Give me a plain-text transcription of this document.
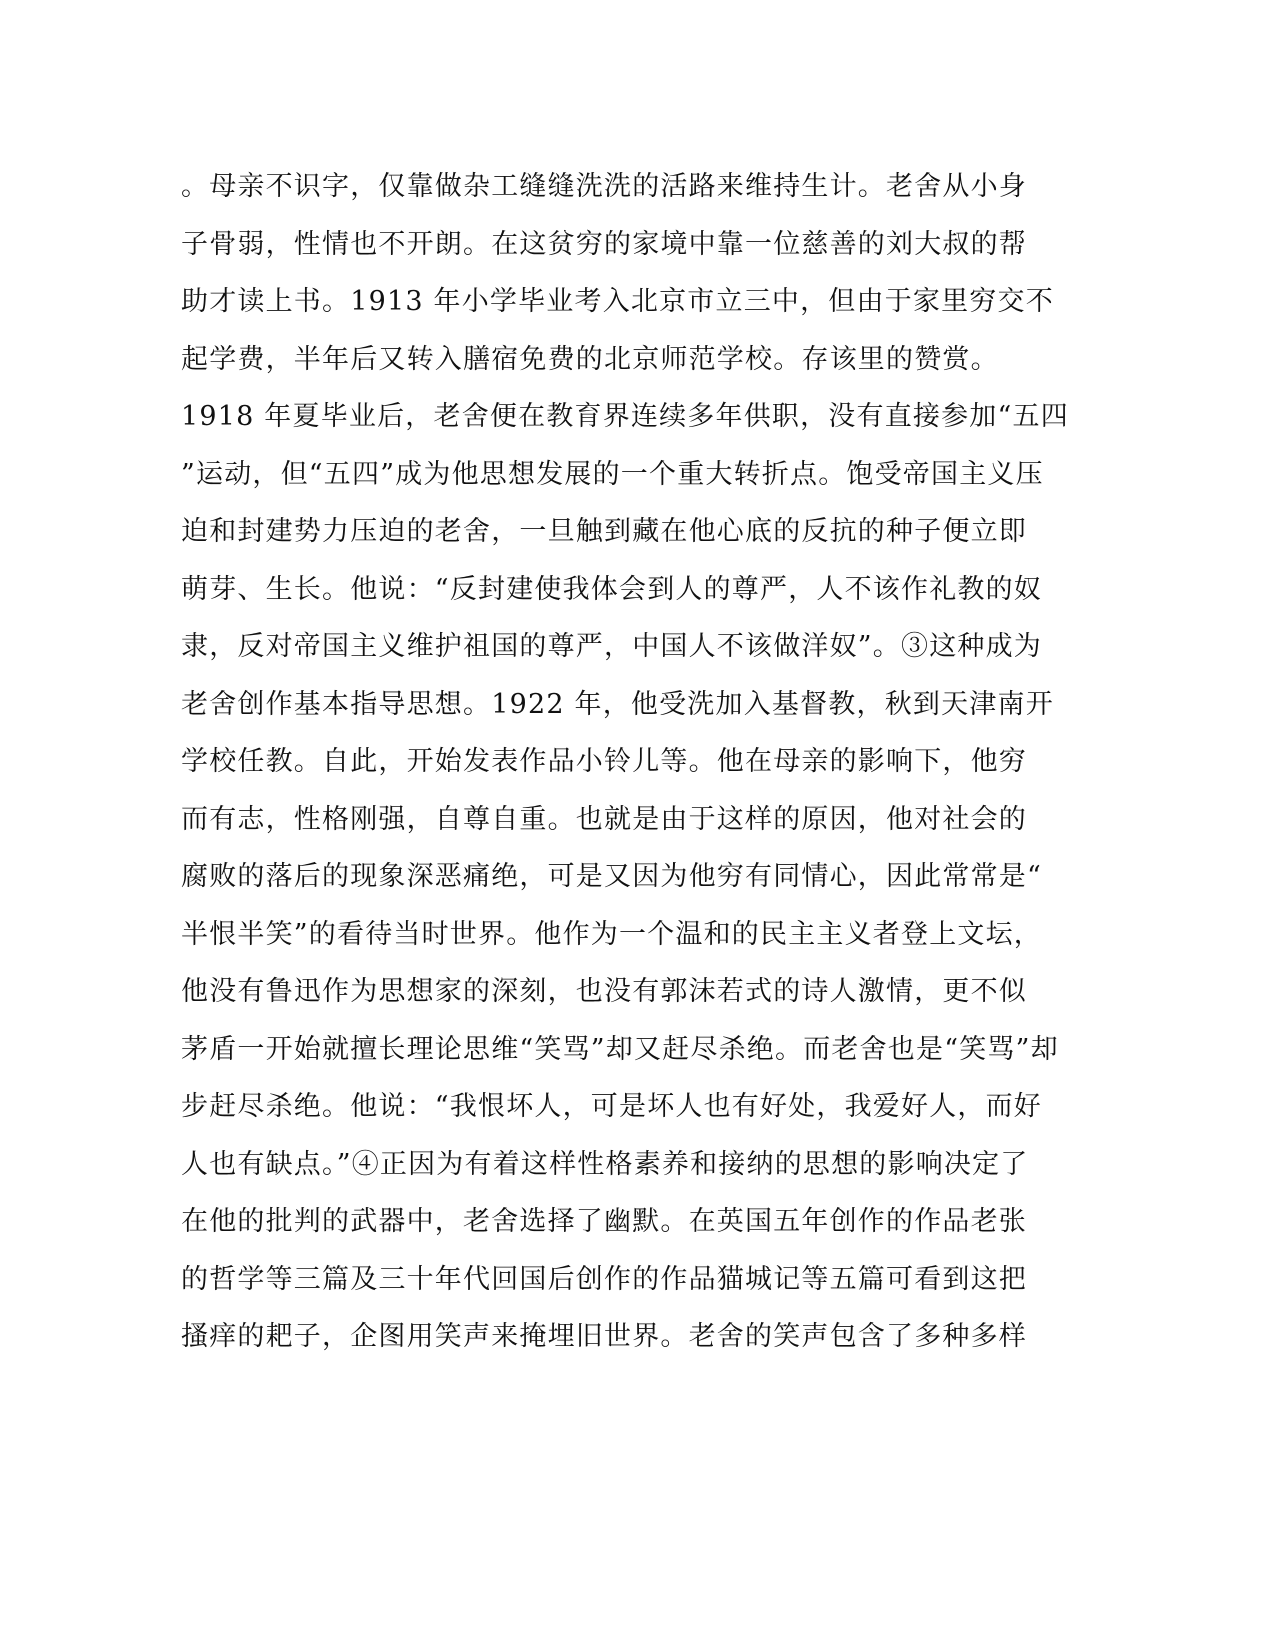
。母亲不识字，仅靠做杂工缝缝洗洗的活路来维持生计。老舍从小身
子骨弱，性情也不开朗。在这贫穷的家境中靠一位慈善的刘大叔的帮
助才读上书。1913 年小学毕业考入北京市立三中，但由于家里穷交不
起学费，半年后又转入膳宿免费的北京师范学校。存该里的赞赏。
1918 年夏毕业后，老舍便在教育界连续多年供职，没有直接参加“五四
”运动，但“五四”成为他思想发展的一个重大转折点。饱受帝国主义压
迫和封建势力压迫的老舍，一旦触到藏在他心底的反抗的种子便立即
萌芽、生长。他说：“反封建使我体会到人的尊严，人不该作礼教的奴
隶，反对帝国主义维护祖国的尊严，中国人不该做洋奴”。③这种成为
老舍创作基本指导思想。1922 年，他受洗加入基督教，秋到天津南开
学校任教。自此，开始发表作品小铃儿等。他在母亲的影响下，他穷
而有志，性格刚强，自尊自重。也就是由于这样的原因，他对社会的
腐败的落后的现象深恶痛绝，可是又因为他穷有同情心，因此常常是“
半恨半笑”的看待当时世界。他作为一个温和的民主主义者登上文坛，
他没有鲁迅作为思想家的深刻，也没有郭沫若式的诗人激情，更不似
茅盾一开始就擅长理论思维“笑骂”却又赶尽杀绝。而老舍也是“笑骂”却
步赶尽杀绝。他说：“我恨坏人，可是坏人也有好处，我爱好人，而好
人也有缺点。”④正因为有着这样性格素养和接纳的思想的影响决定了
在他的批判的武器中，老舍选择了幽默。在英国五年创作的作品老张
的哲学等三篇及三十年代回国后创作的作品猫城记等五篇可看到这把
搔痒的耙子，企图用笑声来掩埋旧世界。老舍的笑声包含了多种多样
